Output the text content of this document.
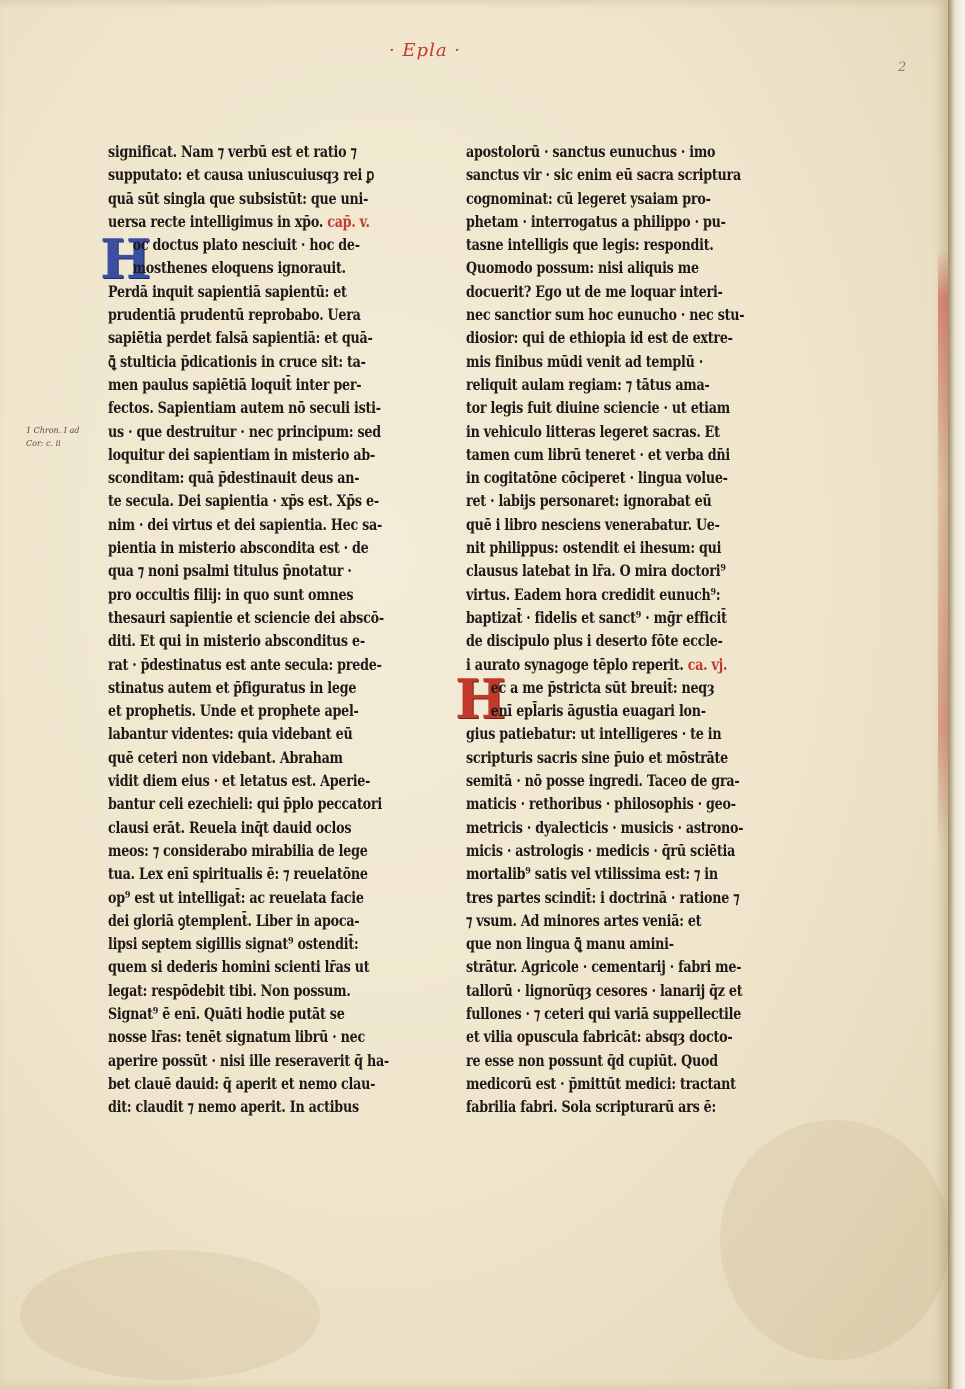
· Epla ·
2
1 Chron. I ad Cor: c. ii
H
H
significat. Nam ⁊ verbū est et ratio ⁊
supputato: et causa uniuscuiusqȝ rei ꝑ
quā sūt singla que subsistūt: que uni-
uersa recte intelligimus in xp̄o. cap̄. v.
oc doctus plato nesciuit · hoc de-
mosthenes eloquens ignorauit.
Perdā inquit sapientiā sapientū: et
prudentiā prudentū reprobabo. Uera
sapiētia perdet falsā sapientiā: et quā-
ꝗ̄ stulticia p̄dicationis in cruce sit: ta-
men paulus sapiētiā loquit̄ inter per-
fectos. Sapientiam autem nō seculi isti-
us · que destruitur · nec principum: sed
loquitur dei sapientiam in misterio ab-
sconditam: quā p̄destinauit deus an-
te secula. Dei sapientia · xp̄s est. Xp̄s e-
nim · dei virtus et dei sapientia. Hec sa-
pientia in misterio abscondita est · de
qua ⁊ noni psalmi titulus p̄notatur ·
pro occultis filij: in quo sunt omnes
thesauri sapientie et sciencie dei abscō-
diti. Et qui in misterio absconditus e-
rat · p̄destinatus est ante secula: prede-
stinatus autem et p̄figuratus in lege
et prophetis. Unde et prophete apel-
labantur videntes: quia videbant eū
quē ceteri non videbant. Abraham
vidit diem eius · et letatus est. Aperie-
bantur celi ezechieli: qui p̄plo peccatori
clausi erāt. Reuela inq̄t dauid oclos
meos: ⁊ considerabo mirabilia de lege
tua. Lex enī spiritualis ē: ⁊ reuelatōne
op⁹ est ut intelligat̄: ac reuelata facie
dei gloriā ꝯtemplent̄. Liber in apoca-
lipsi septem sigillis signat⁹ ostendit̄:
quem si dederis homini scienti lr̄as ut
legat: respōdebit tibi. Non possum.
Signat⁹ ē enī. Quāti hodie putāt se
nosse lr̄as: tenēt signatum librū · nec
aperire possūt · nisi ille reseraverit q̄ ha-
bet clauē dauid: q̄ aperit et nemo clau-
dit: claudit ⁊ nemo aperit. In actibus
apostolorū · sanctus eunuchus · imo
sanctus vir · sic enim eū sacra scriptura
cognominat: cū legeret ysaiam pro-
phetam · interrogatus a philippo · pu-
tasne intelligis que legis: respondit.
Quomodo possum: nisi aliquis me
docuerit? Ego ut de me loquar interi-
nec sanctior sum hoc eunucho · nec stu-
diosior: qui de ethiopia id est de extre-
mis finibus mūdi venit ad templū ·
reliquit aulam regiam: ⁊ tātus ama-
tor legis fuit diuine sciencie · ut etiam
in vehiculo litteras legeret sacras. Et
tamen cum librū teneret · et verba dn̄i
in cogitatōne cōciperet · lingua volue-
ret · labijs personaret: ignorabat eū
quē i libro nesciens venerabatur. Ue-
nit philippus: ostendit ei ihesum: qui
clausus latebat in lr̄a. O mira doctori⁹
virtus. Eadem hora credidit eunuch⁹:
baptizat̄ · fidelis et sanct⁹ · mḡr efficit̄
de discipulo plus i deserto fōte eccle-
i aurato synagoge tēplo reperit. ca. vj.
ec a me p̄stricta sūt breuit̄: neqȝ
enī epl̄aris āgustia euagari lon-
gius patiebatur: ut intelligeres · te in
scripturis sacris sine p̄uio et mōstrāte
semitā · nō posse ingredi. Taceo de gra-
maticis · rethoribus · philosophis · geo-
metricis · dyalecticis · musicis · astrono-
micis · astrologis · medicis · q̄rū sciētia
mortalib⁹ satis vel vtilissima est: ⁊ in
tres partes scindit̄: i doctrinā · ratione ⁊
⁊ vsum. Ad minores artes veniā: et
que non lingua ꝗ̄ manu amini-
strātur. Agricole · cementarij · fabri me-
tallorū · lignorūqȝ cesores · lanarij q̄z et
fullones · ⁊ ceteri qui variā suppellectile
et vilia opuscula fabricāt: absqȝ docto-
re esse non possunt q̄d cupiūt. Quod
medicorū est · p̄mittūt medici: tractant
fabrilia fabri. Sola scripturarū ars ē:
